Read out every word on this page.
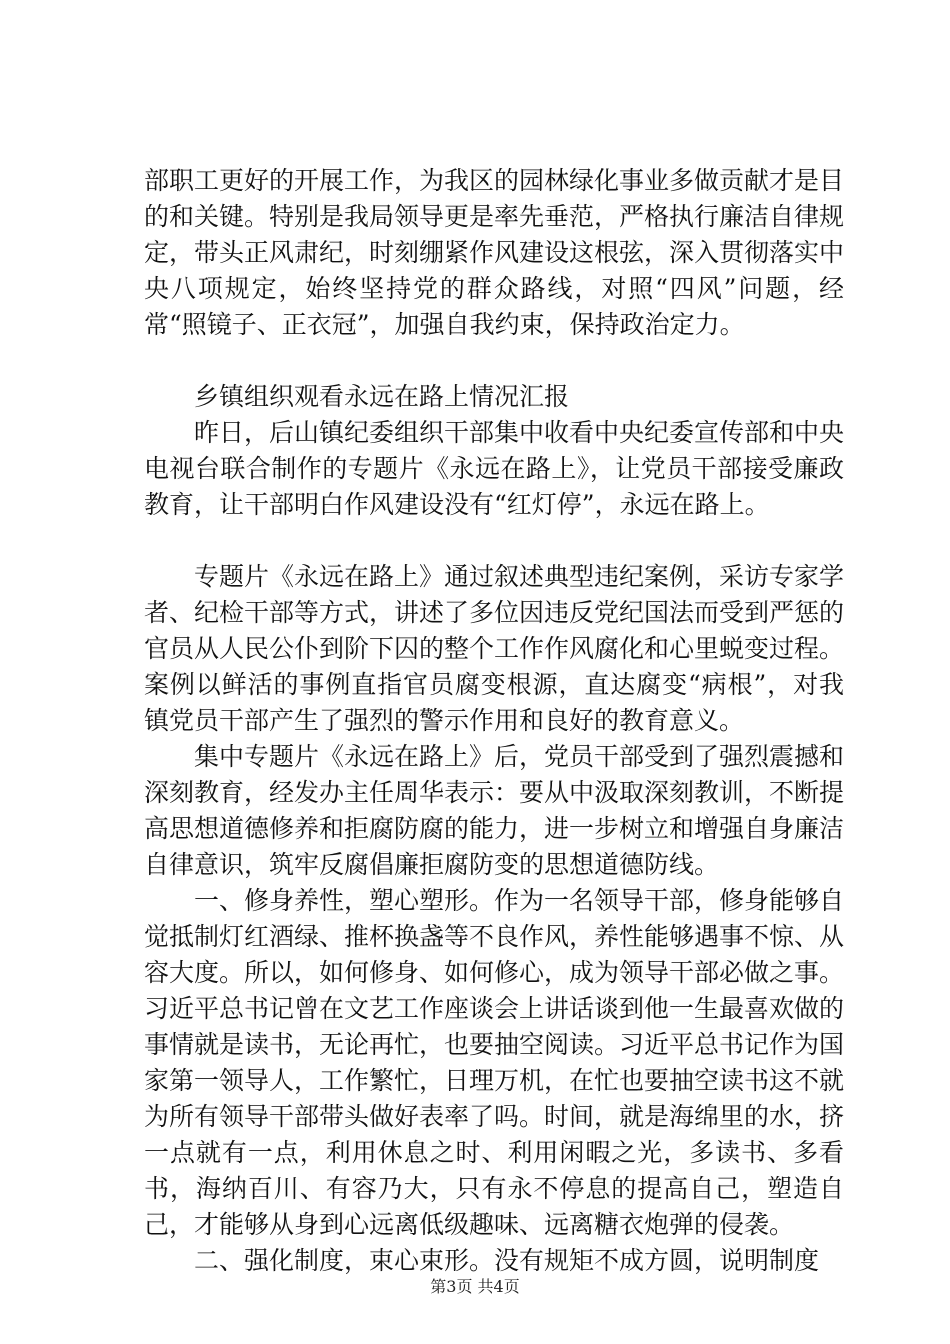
部职工更好的开展工作，为我区的园林绿化事业多做贡献才是目的和关键。特别是我局领导更是率先垂范，严格执行廉洁自律规定，带头正风肃纪，时刻绷紧作风建设这根弦，深入贯彻落实中央八项规定，始终坚持党的群众路线，对照“四风”问题，经常“照镜子、正衣冠”，加强自我约束，保持政治定力。

乡镇组织观看永远在路上情况汇报

昨日，后山镇纪委组织干部集中收看中央纪委宣传部和中央电视台联合制作的专题片《永远在路上》，让党员干部接受廉政教育，让干部明白作风建设没有“红灯停”，永远在路上。

专题片《永远在路上》通过叙述典型违纪案例，采访专家学者、纪检干部等方式，讲述了多位因违反党纪国法而受到严惩的官员从人民公仆到阶下囚的整个工作作风腐化和心里蜕变过程。案例以鲜活的事例直指官员腐变根源，直达腐变“病根”，对我镇党员干部产生了强烈的警示作用和良好的教育意义。

集中专题片《永远在路上》后，党员干部受到了强烈震撼和深刻教育，经发办主任周华表示：要从中汲取深刻教训，不断提高思想道德修养和拒腐防腐的能力，进一步树立和增强自身廉洁自律意识，筑牢反腐倡廉拒腐防变的思想道德防线。

一、修身养性，塑心塑形。作为一名领导干部，修身能够自觉抵制灯红酒绿、推杯换盏等不良作风，养性能够遇事不惊、从容大度。所以，如何修身、如何修心，成为领导干部必做之事。习近平总书记曾在文艺工作座谈会上讲话谈到他一生最喜欢做的事情就是读书，无论再忙，也要抽空阅读。习近平总书记作为国家第一领导人，工作繁忙，日理万机，在忙也要抽空读书这不就为所有领导干部带头做好表率了吗。时间，就是海绵里的水，挤一点就有一点，利用休息之时、利用闲暇之光，多读书、多看书，海纳百川、有容乃大，只有永不停息的提高自己，塑造自己，才能够从身到心远离低级趣味、远离糖衣炮弹的侵袭。

二、强化制度，束心束形。没有规矩不成方圆，说明制度

第3页 共4页
